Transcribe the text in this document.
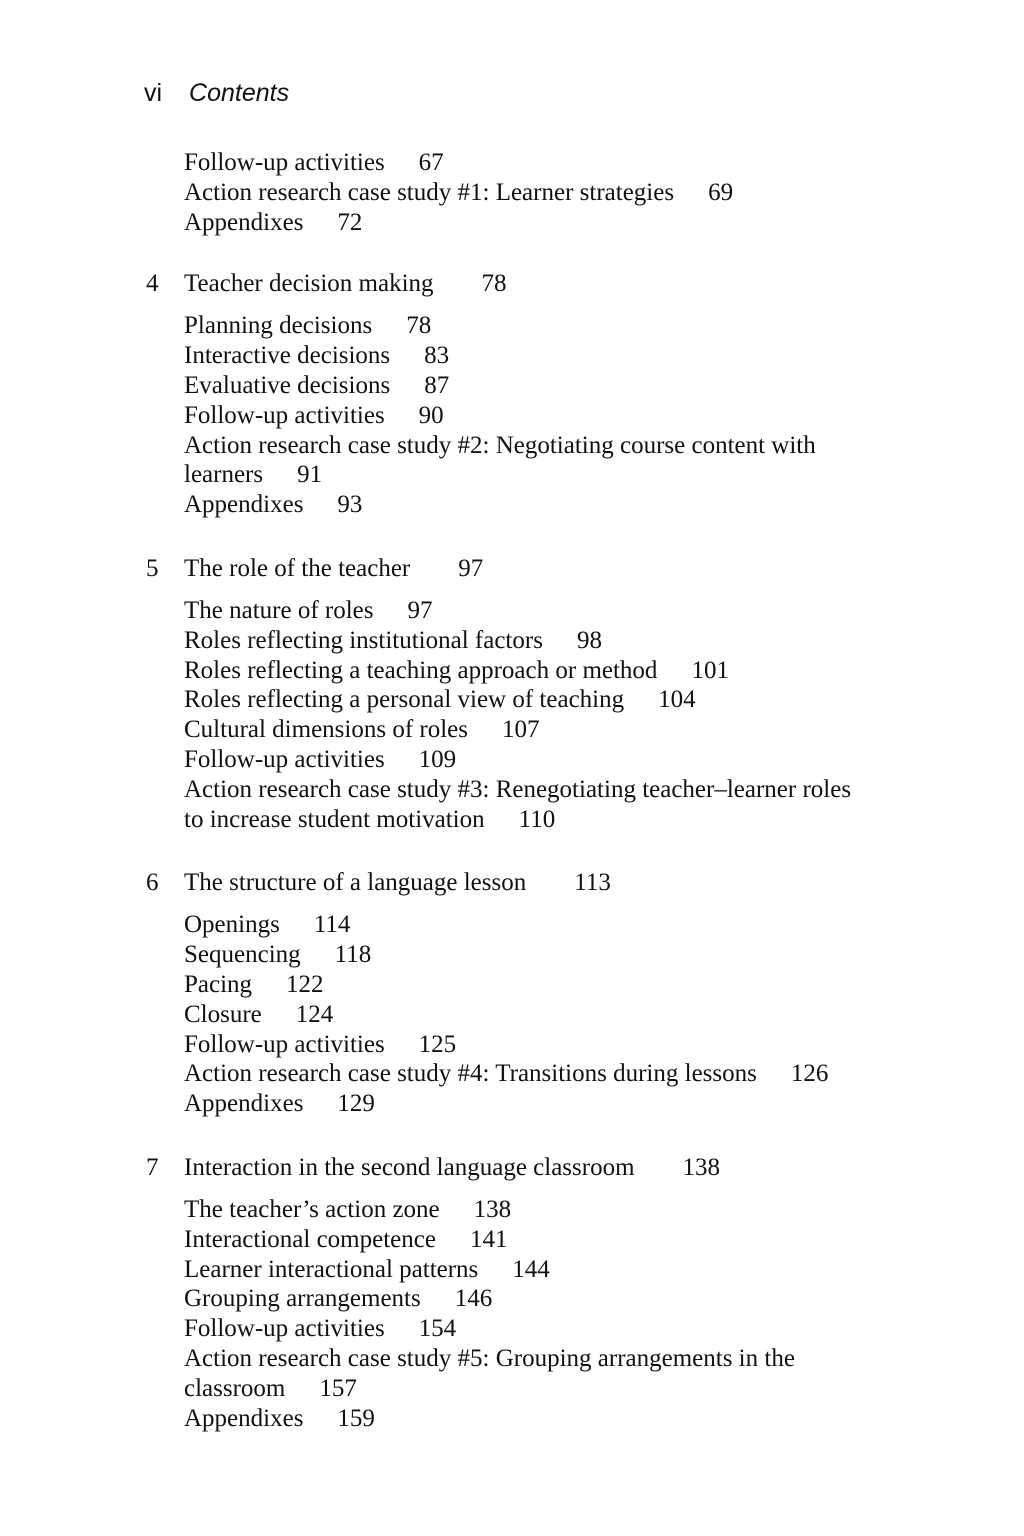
vi Contents
Follow-up activities 67
Action research case study #1: Learner strategies 69
Appendixes 72
4 Teacher decision making 78
Planning decisions 78
Interactive decisions 83
Evaluative decisions 87
Follow-up activities 90
Action research case study #2: Negotiating course content with
learners 91
Appendixes 93
5 The role of the teacher 97
The nature of roles 97
Roles reflecting institutional factors 98
Roles reflecting a teaching approach or method 101
Roles reflecting a personal view of teaching 104
Cultural dimensions of roles 107
Follow-up activities 109
Action research case study #3: Renegotiating teacher–learner roles
to increase student motivation 110
6 The structure of a language lesson 113
Openings 114
Sequencing 118
Pacing 122
Closure 124
Follow-up activities 125
Action research case study #4: Transitions during lessons 126
Appendixes 129
7 Interaction in the second language classroom 138
The teacher’s action zone 138
Interactional competence 141
Learner interactional patterns 144
Grouping arrangements 146
Follow-up activities 154
Action research case study #5: Grouping arrangements in the
classroom 157
Appendixes 159
